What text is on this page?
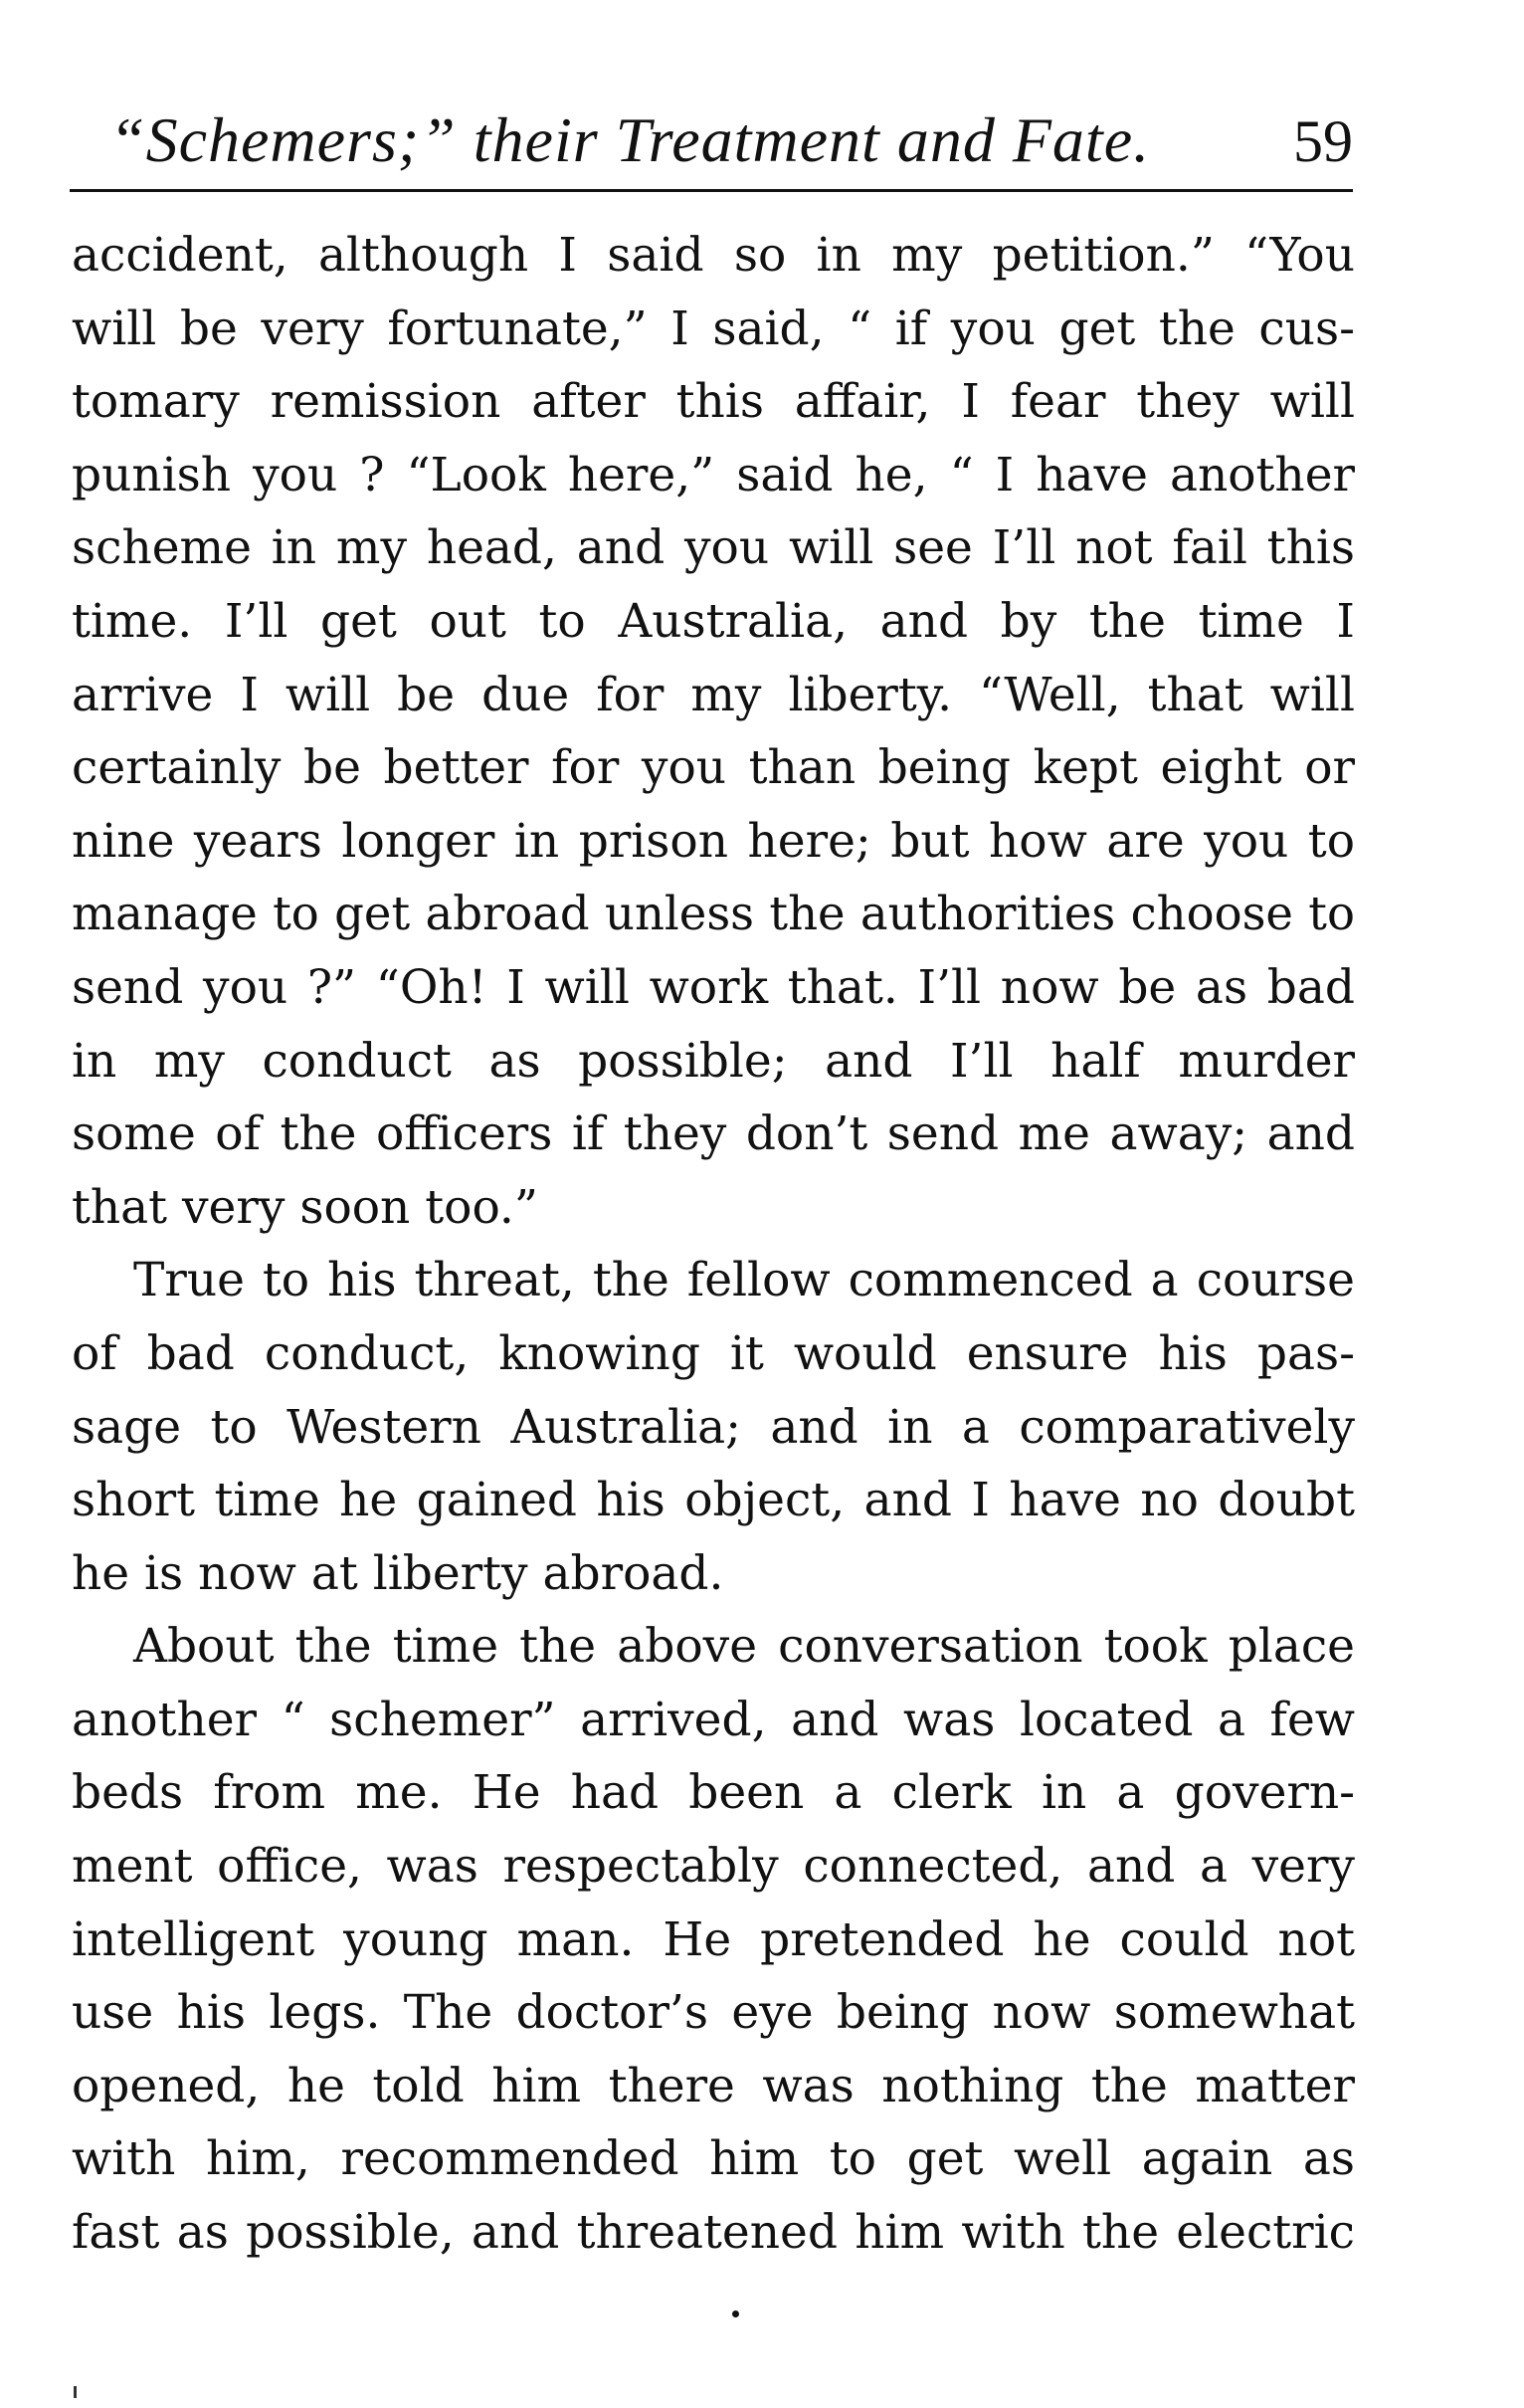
“Schemers;” their Treatment and Fate. 59
accident, although I said so in my petition.” “You
will be very fortunate,” I said, “ if you get the cus-
tomary remission after this affair, I fear they will
punish you ? “Look here,” said he, “ I have another
scheme in my head, and you will see I’ll not fail this
time. I’ll get out to Australia, and by the time I
arrive I will be due for my liberty. “Well, that will
certainly be better for you than being kept eight or
nine years longer in prison here; but how are you to
manage to get abroad unless the authorities choose to
send you ?” “Oh! I will work that. I’ll now be as bad
in my conduct as possible; and I’ll half murder
some of the officers if they don’t send me away; and
that very soon too.”
True to his threat, the fellow commenced a course
of bad conduct, knowing it would ensure his pas-
sage to Western Australia; and in a comparatively
short time he gained his object, and I have no doubt
he is now at liberty abroad.
About the time the above conversation took place
another “ schemer” arrived, and was located a few
beds from me. He had been a clerk in a govern-
ment office, was respectably connected, and a very
intelligent young man. He pretended he could not
use his legs. The doctor’s eye being now somewhat
opened, he told him there was nothing the matter
with him, recommended him to get well again as
fast as possible, and threatened him with the electric
